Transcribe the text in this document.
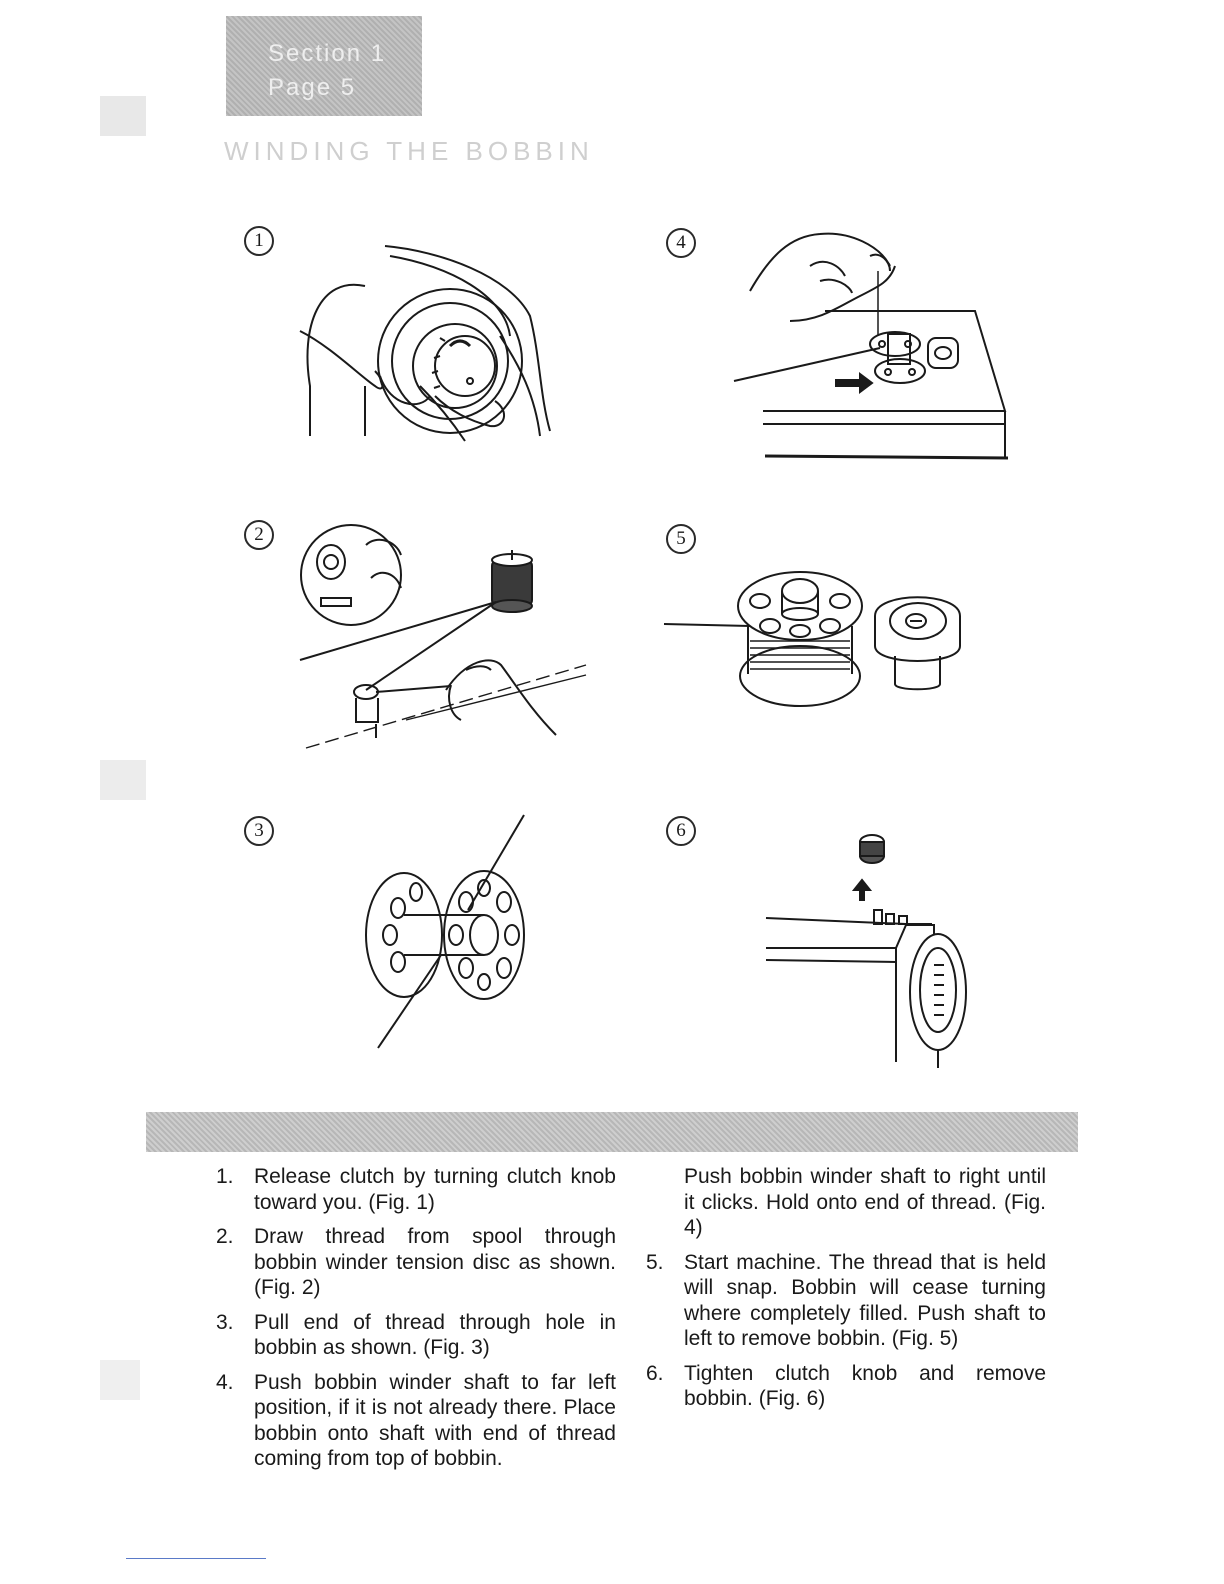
Section 1
Page 5
WINDING THE BOBBIN
1
2
3
4
5
6
1. Release clutch by turning clutch knob toward you. (Fig. 1)
2. Draw thread from spool through bobbin winder tension disc as shown. (Fig. 2)
3. Pull end of thread through hole in bobbin as shown. (Fig. 3)
4. Push bobbin winder shaft to far left position, if it is not already there. Place bobbin onto shaft with end of thread coming from top of bobbin.
Push bobbin winder shaft to right until it clicks. Hold onto end of thread. (Fig. 4)
5. Start machine. The thread that is held will snap. Bobbin will cease turning where completely filled. Push shaft to left to remove bobbin. (Fig. 5)
6. Tighten clutch knob and remove bobbin. (Fig. 6)
